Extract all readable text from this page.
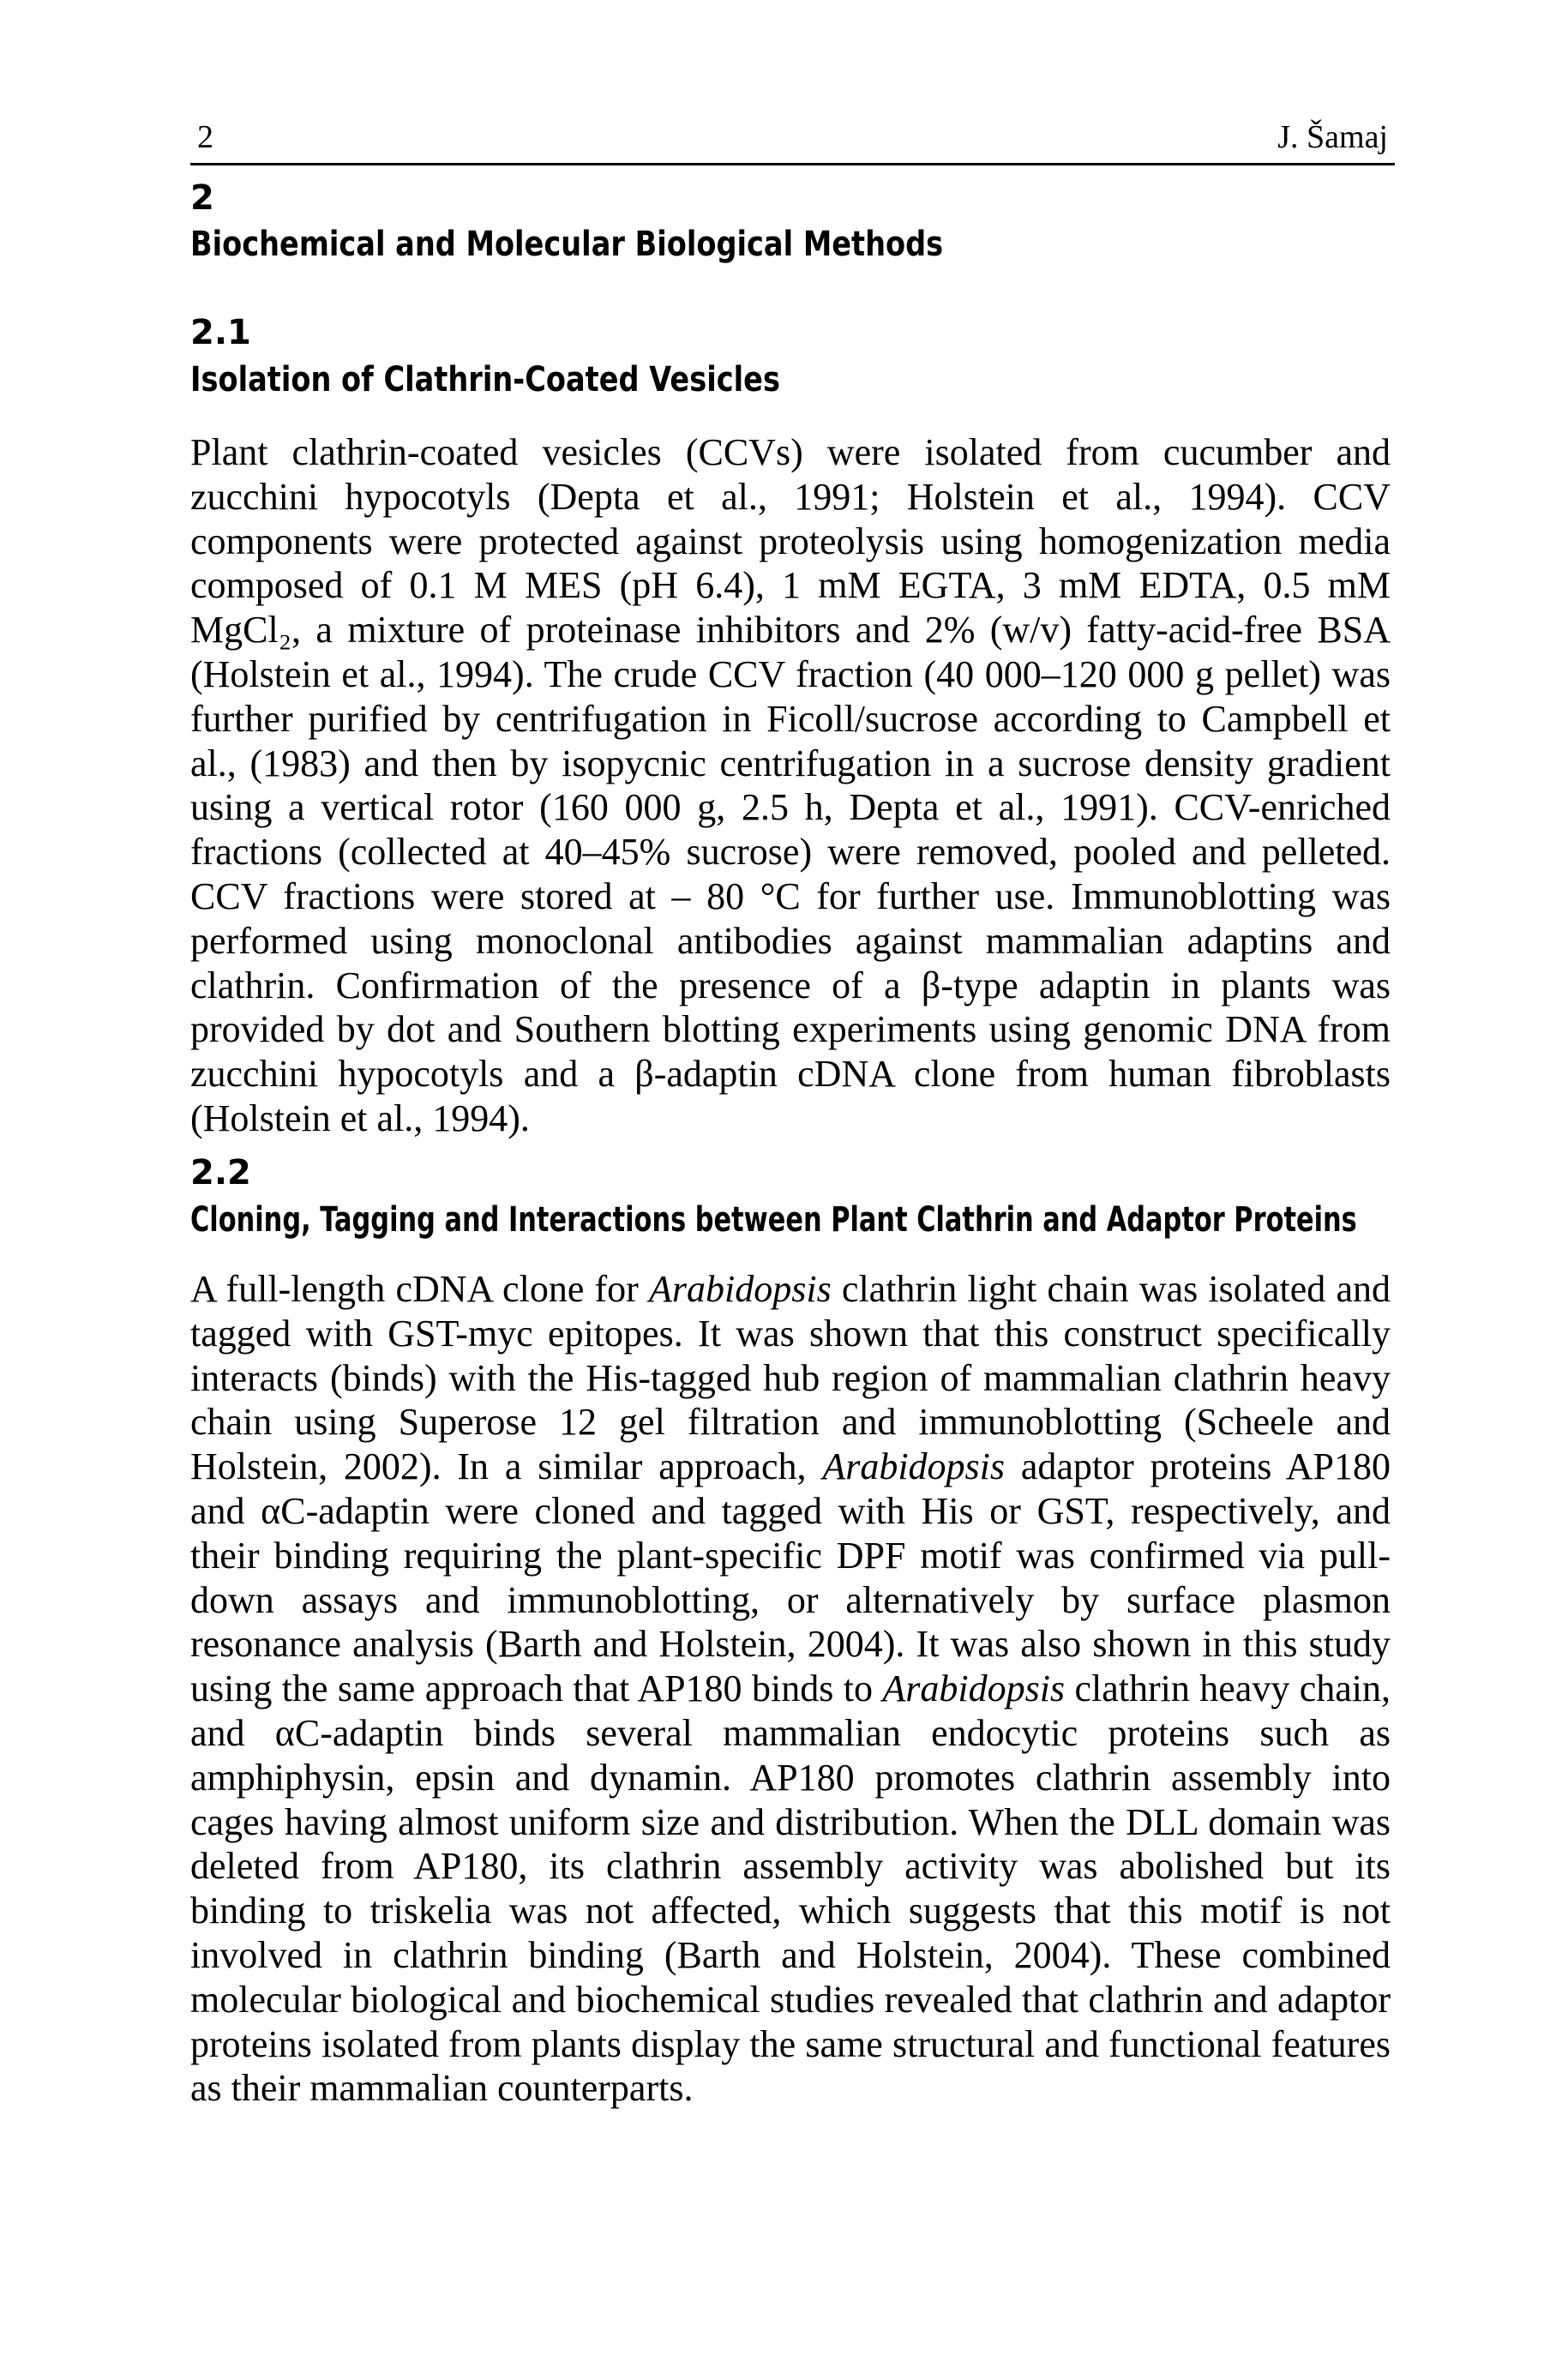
2	J. Šamaj
2
Biochemical and Molecular Biological Methods
2.1
Isolation of Clathrin-Coated Vesicles

Plant clathrin-coated vesicles (CCVs) were isolated from cucumber and zucchini hypocotyls (Depta et al., 1991; Holstein et al., 1994). CCV components were protected against proteolysis using homogenization media composed of 0.1 M MES (pH 6.4), 1 mM EGTA, 3 mM EDTA, 0.5 mM MgCl₂, a mixture of proteinase inhibitors and 2% (w/v) fatty-acid-free BSA (Holstein et al., 1994). The crude CCV fraction (40 000–120 000 g pellet) was further purified by centrifugation in Ficoll/sucrose according to Campbell et al., (1983) and then by isopycnic centrifugation in a sucrose density gradient using a vertical rotor (160 000 g, 2.5 h, Depta et al., 1991). CCV-enriched fractions (collected at 40–45% sucrose) were removed, pooled and pelleted. CCV fractions were stored at – 80 °C for further use. Immunoblotting was performed using monoclonal antibodies against mammalian adaptins and clathrin. Confirmation of the presence of a β-type adaptin in plants was provided by dot and Southern blotting experiments using genomic DNA from zucchini hypocotyls and a β-adaptin cDNA clone from human fibroblasts (Holstein et al., 1994).

2.2
Cloning, Tagging and Interactions between Plant Clathrin and Adaptor Proteins

A full-length cDNA clone for Arabidopsis clathrin light chain was isolated and tagged with GST-myc epitopes. It was shown that this construct specifically interacts (binds) with the His-tagged hub region of mammalian clathrin heavy chain using Superose 12 gel filtration and immunoblotting (Scheele and Holstein, 2002). In a similar approach, Arabidopsis adaptor proteins AP180 and αC-adaptin were cloned and tagged with His or GST, respectively, and their binding requiring the plant-specific DPF motif was confirmed via pull-down assays and immunoblotting, or alternatively by surface plasmon resonance analysis (Barth and Holstein, 2004). It was also shown in this study using the same approach that AP180 binds to Arabidopsis clathrin heavy chain, and αC-adaptin binds several mammalian endocytic proteins such as amphiphysin, epsin and dynamin. AP180 promotes clathrin assembly into cages having almost uniform size and distribution. When the DLL domain was deleted from AP180, its clathrin assembly activity was abolished but its binding to triskelia was not affected, which suggests that this motif is not involved in clathrin binding (Barth and Holstein, 2004). These combined molecular biological and biochemical studies revealed that clathrin and adaptor proteins isolated from plants display the same structural and functional features as their mammalian counterparts.
